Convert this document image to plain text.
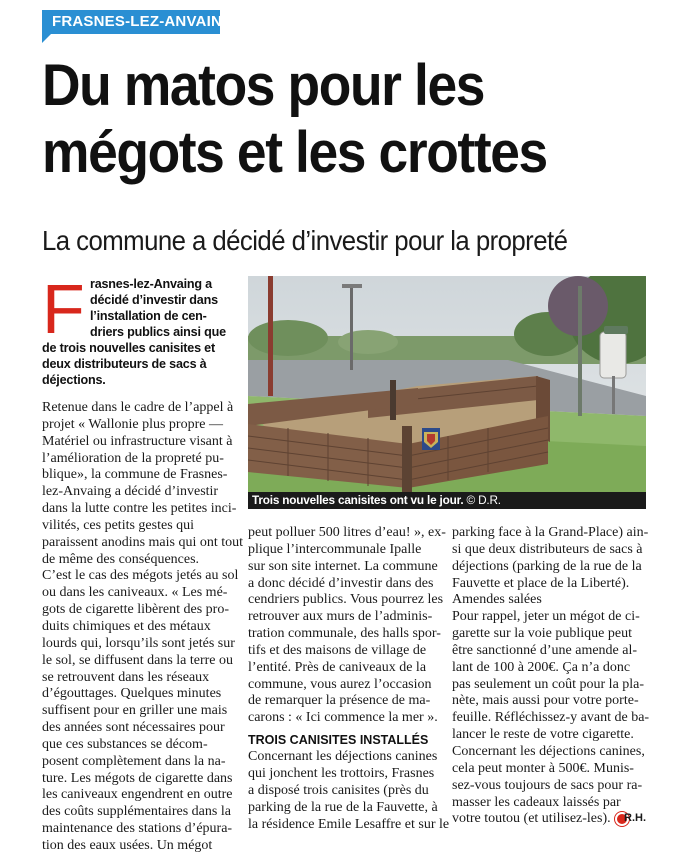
FRASNES-LEZ-ANVAING
Du matos pour les
mégots et les crottes
La commune a décidé d’investir pour la propreté
F rasnes-lez-Anvaing a
décidé d’investir dans
l’installation de cen-
driers publics ainsi que
de trois nouvelles canisites et
deux distributeurs de sacs à
déjections.

Retenue dans le cadre de l’appel à

projet « Wallonie plus propre —

Matériel ou infrastructure visant à

l’amélioration de la propreté pu-

blique», la commune de Frasnes-

lez-Anvaing a décidé d’investir

dans la lutte contre les petites inci-

vilités, ces petits gestes qui

paraissent anodins mais qui ont tout

de même des conséquences.

C’est le cas des mégots jetés au sol

ou dans les caniveaux. « Les mé-

gots de cigarette libèrent des pro-

duits chimiques et des métaux

lourds qui, lorsqu’ils sont jetés sur

le sol, se diffusent dans la terre ou

se retrouvent dans les réseaux

d’égouttages. Quelques minutes

suffisent pour en griller une mais

des années sont nécessaires pour

que ces substances se décom-

posent complètement dans la na-

ture. Les mégots de cigarette dans

les caniveaux engendrent en outre

des coûts supplémentaires dans la

maintenance des stations d’épura-

tion des eaux usées. Un mégot

Trois nouvelles canisites ont vu le jour. © D.R.

peut polluer 500 litres d’eau! », ex-

plique l’intercommunale Ipalle

sur son site internet. La commune

a donc décidé d’investir dans des

cendriers publics. Vous pourrez les

retrouver aux murs de l’adminis-

tration communale, des halls spor-

tifs et des maisons de village de

l’entité. Près de caniveaux de la

commune, vous aurez l’occasion

de remarquer la présence de ma-

carons : « Ici commence la mer ».

TROIS CANISITES INSTALLÉS

Concernant les déjections canines

qui jonchent les trottoirs, Frasnes

a disposé trois canisites (près du

parking de la rue de la Fauvette, à

la résidence Emile Lesaffre et sur le

parking face à la Grand-Place) ain-

si que deux distributeurs de sacs à

déjections (parking de la rue de la

Fauvette et place de la Liberté).

Amendes salées

Pour rappel, jeter un mégot de ci-

garette sur la voie publique peut

être sanctionné d’une amende al-

lant de 100 à 200€. Ça n’a donc

pas seulement un coût pour la pla-

nète, mais aussi pour votre porte-

feuille. Réfléchissez-y avant de ba-

lancer le reste de votre cigarette.

Concernant les déjections canines,

cela peut monter à 500€. Munis-

sez-vous toujours de sacs pour ra-

masser les cadeaux laissés par

votre toutou (et utilisez-les).	R.H.
